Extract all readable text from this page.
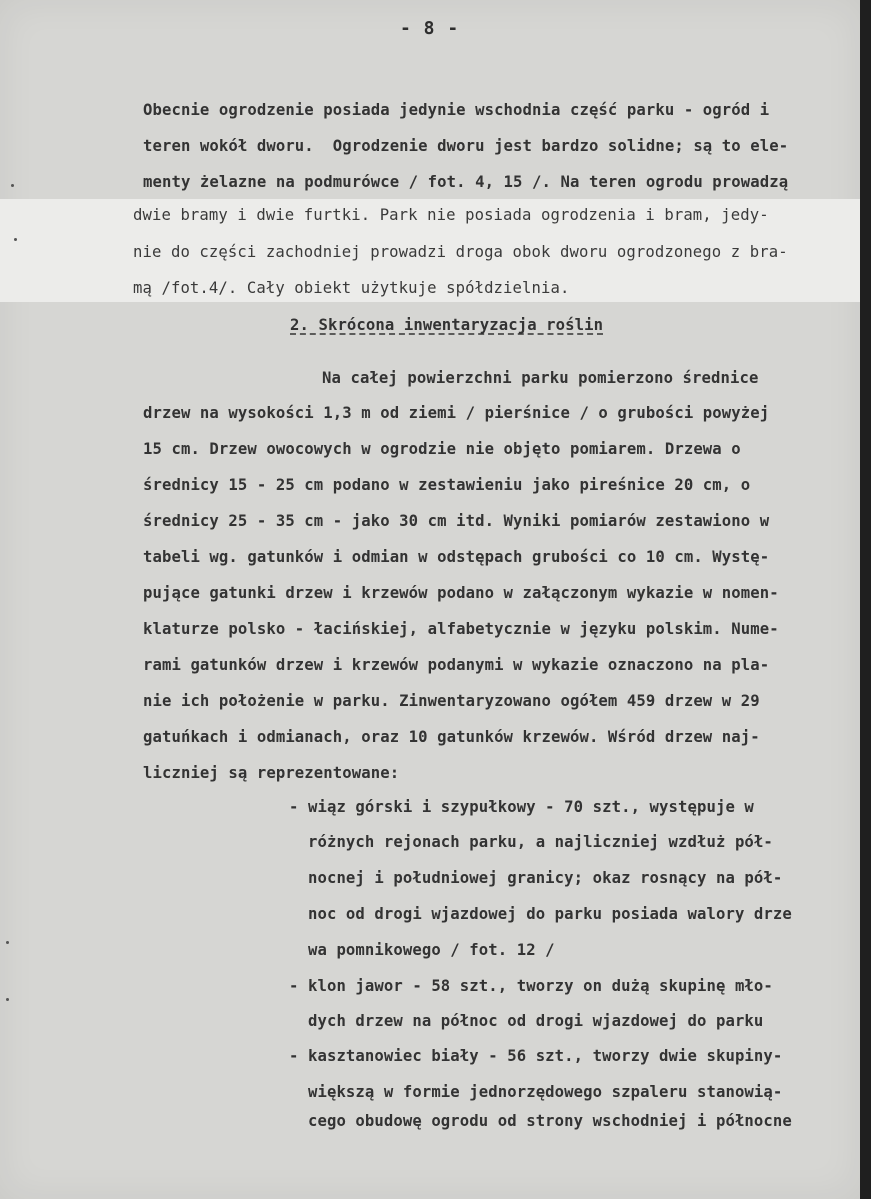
- 8 -
Obecnie ogrodzenie posiada jedynie wschodnia część parku - ogród i
teren wokół dworu.  Ogrodzenie dworu jest bardzo solidne; są to ele-
menty żelazne na podmurówce / fot. 4, 15 /. Na teren ogrodu prowadzą
dwie bramy i dwie furtki. Park nie posiada ogrodzenia i bram, jedy-
nie do części zachodniej prowadzi droga obok dworu ogrodzonego z bra-
mą /fot.4/. Cały obiekt użytkuje spółdzielnia.
2. Skrócona inwentaryzacja roślin
Na całej powierzchni parku pomierzono średnice
drzew na wysokości 1,3 m od ziemi / pierśnice / o grubości powyżej
15 cm. Drzew owocowych w ogrodzie nie objęto pomiarem. Drzewa o
średnicy 15 - 25 cm podano w zestawieniu jako pireśnice 20 cm, o
średnicy 25 - 35 cm - jako 30 cm itd. Wyniki pomiarów zestawiono w
tabeli wg. gatunków i odmian w odstępach grubości co 10 cm. Wystę-
pujące gatunki drzew i krzewów podano w załączonym wykazie w nomen-
klaturze polsko - łacińskiej, alfabetycznie w języku polskim. Nume-
rami gatunków drzew i krzewów podanymi w wykazie oznaczono na pla-
nie ich położenie w parku. Zinwentaryzowano ogółem 459 drzew w 29
gatuńkach i odmianach, oraz 10 gatunków krzewów. Wśród drzew naj-
liczniej są reprezentowane:
- wiąz górski i szypułkowy - 70 szt., występuje w
różnych rejonach parku, a najliczniej wzdłuż pół-
nocnej i południowej granicy; okaz rosnący na pół-
noc od drogi wjazdowej do parku posiada walory drze
wa pomnikowego / fot. 12 /
- klon jawor - 58 szt., tworzy on dużą skupinę mło-
dych drzew na północ od drogi wjazdowej do parku
- kasztanowiec biały - 56 szt., tworzy dwie skupiny-
większą w formie jednorzędowego szpaleru stanowią-
cego obudowę ogrodu od strony wschodniej i północne
